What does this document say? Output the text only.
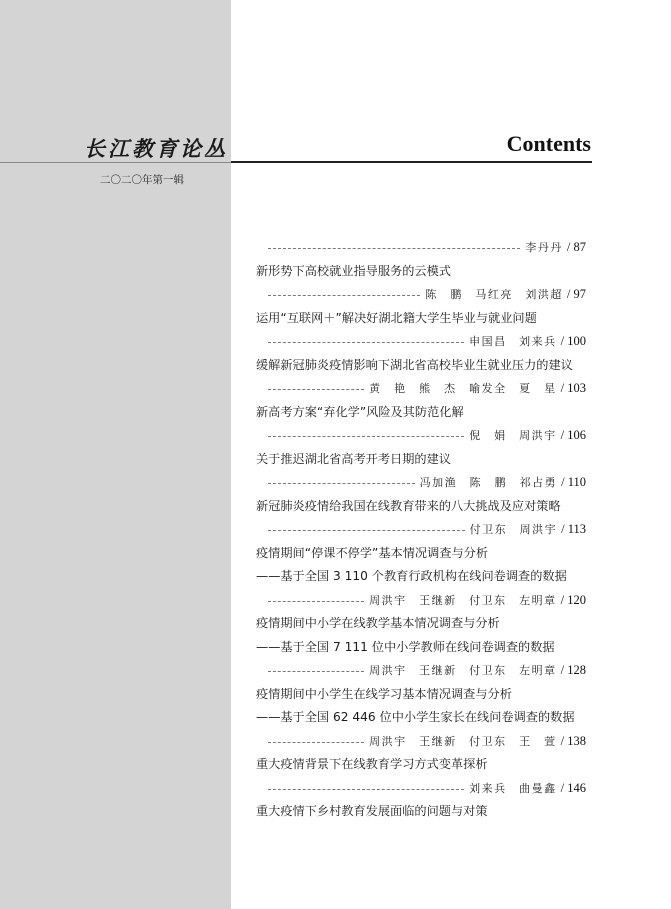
长江教育论丛
二〇二〇年第一辑
Contents
李丹丹 / 87
新形势下高校就业指导服务的云模式
陈　鹏　马红亮　刘洪超 / 97
运用“互联网＋”解决好湖北籍大学生毕业与就业问题
申国昌　刘来兵 / 100
缓解新冠肺炎疫情影响下湖北省高校毕业生就业压力的建议
黄　艳　熊　杰　喻发全　夏　星 / 103
新高考方案“弃化学”风险及其防范化解
倪　娟　周洪宇 / 106
关于推迟湖北省高考开考日期的建议
冯加渔　陈　鹏　祁占勇 / 110
新冠肺炎疫情给我国在线教育带来的八大挑战及应对策略
付卫东　周洪宇 / 113
疫情期间“停课不停学”基本情况调查与分析
——基于全国 3 110 个教育行政机构在线问卷调查的数据
周洪宇　王继新　付卫东　左明章 / 120
疫情期间中小学在线教学基本情况调查与分析
——基于全国 7 111 位中小学教师在线问卷调查的数据
周洪宇　王继新　付卫东　左明章 / 128
疫情期间中小学生在线学习基本情况调查与分析
——基于全国 62 446 位中小学生家长在线问卷调查的数据
周洪宇　王继新　付卫东　王　萱 / 138
重大疫情背景下在线教育学习方式变革探析
刘来兵　曲曼鑫 / 146
重大疫情下乡村教育发展面临的问题与对策
